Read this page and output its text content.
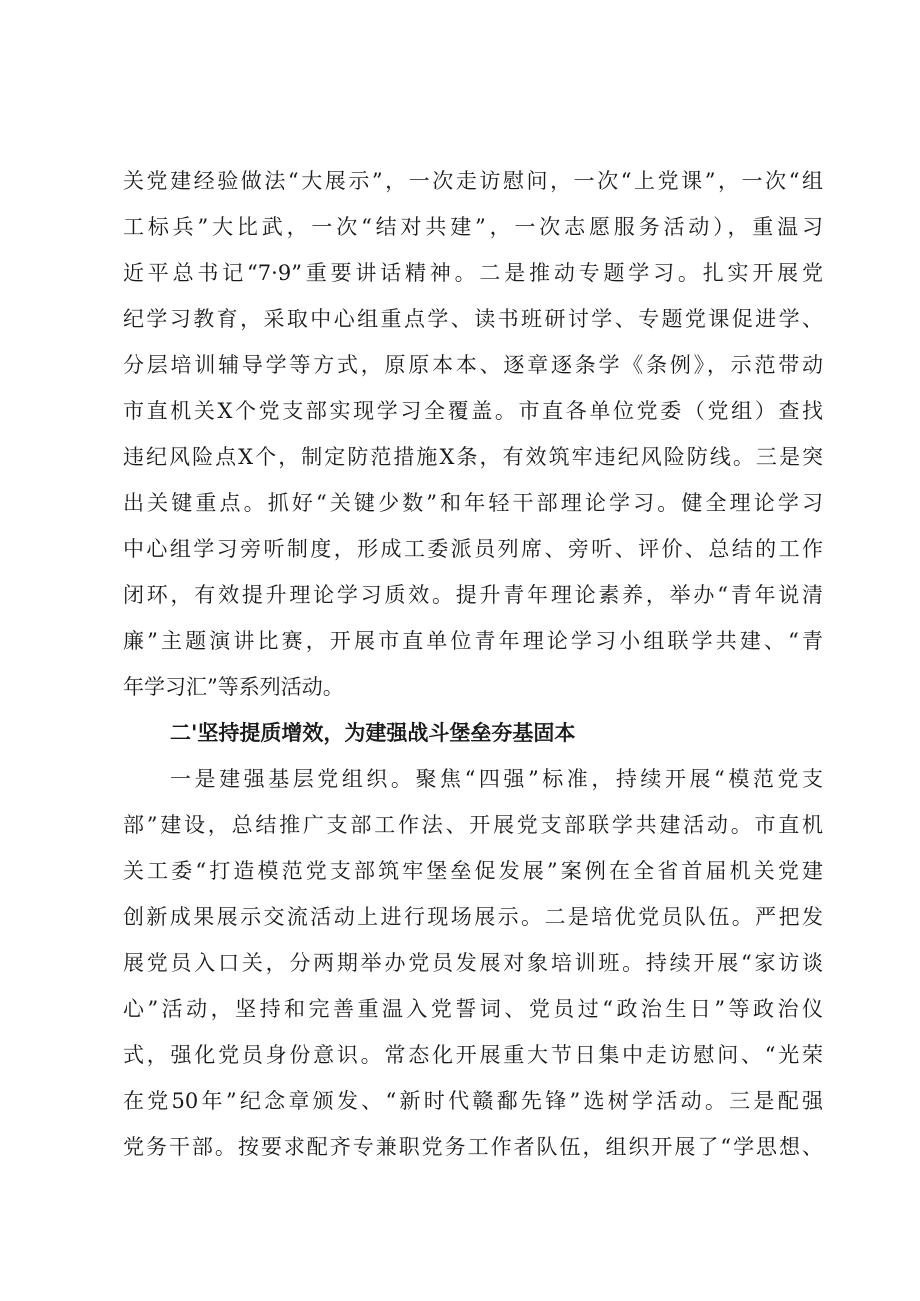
关党建经验做法“大展示”，一次走访慰问，一次“上党课”，一次“组
工标兵”大比武，一次“结对共建”，一次志愿服务活动），重温习
近平总书记“7·9”重要讲话精神。二是推动专题学习。扎实开展党
纪学习教育，采取中心组重点学、读书班研讨学、专题党课促进学、
分层培训辅导学等方式，原原本本、逐章逐条学《条例》，示范带动
市直机关X个党支部实现学习全覆盖。市直各单位党委（党组）查找
违纪风险点X个，制定防范措施X条，有效筑牢违纪风险防线。三是突
出关键重点。抓好“关键少数”和年轻干部理论学习。健全理论学习
中心组学习旁听制度，形成工委派员列席、旁听、评价、总结的工作
闭环，有效提升理论学习质效。提升青年理论素养，举办“青年说清
廉”主题演讲比赛，开展市直单位青年理论学习小组联学共建、“青
年学习汇”等系列活动。
二'坚持提质增效，为建强战斗堡垒夯基固本
一是建强基层党组织。聚焦“四强”标准，持续开展“模范党支
部”建设，总结推广支部工作法、开展党支部联学共建活动。市直机
关工委“打造模范党支部筑牢堡垒促发展”案例在全省首届机关党建
创新成果展示交流活动上进行现场展示。二是培优党员队伍。严把发
展党员入口关，分两期举办党员发展对象培训班。持续开展“家访谈
心”活动，坚持和完善重温入党誓词、党员过“政治生日”等政治仪
式，强化党员身份意识。常态化开展重大节日集中走访慰问、“光荣
在党50年”纪念章颁发、“新时代赣鄱先锋”选树学活动。三是配强
党务干部。按要求配齐专兼职党务工作者队伍，组织开展了“学思想、
